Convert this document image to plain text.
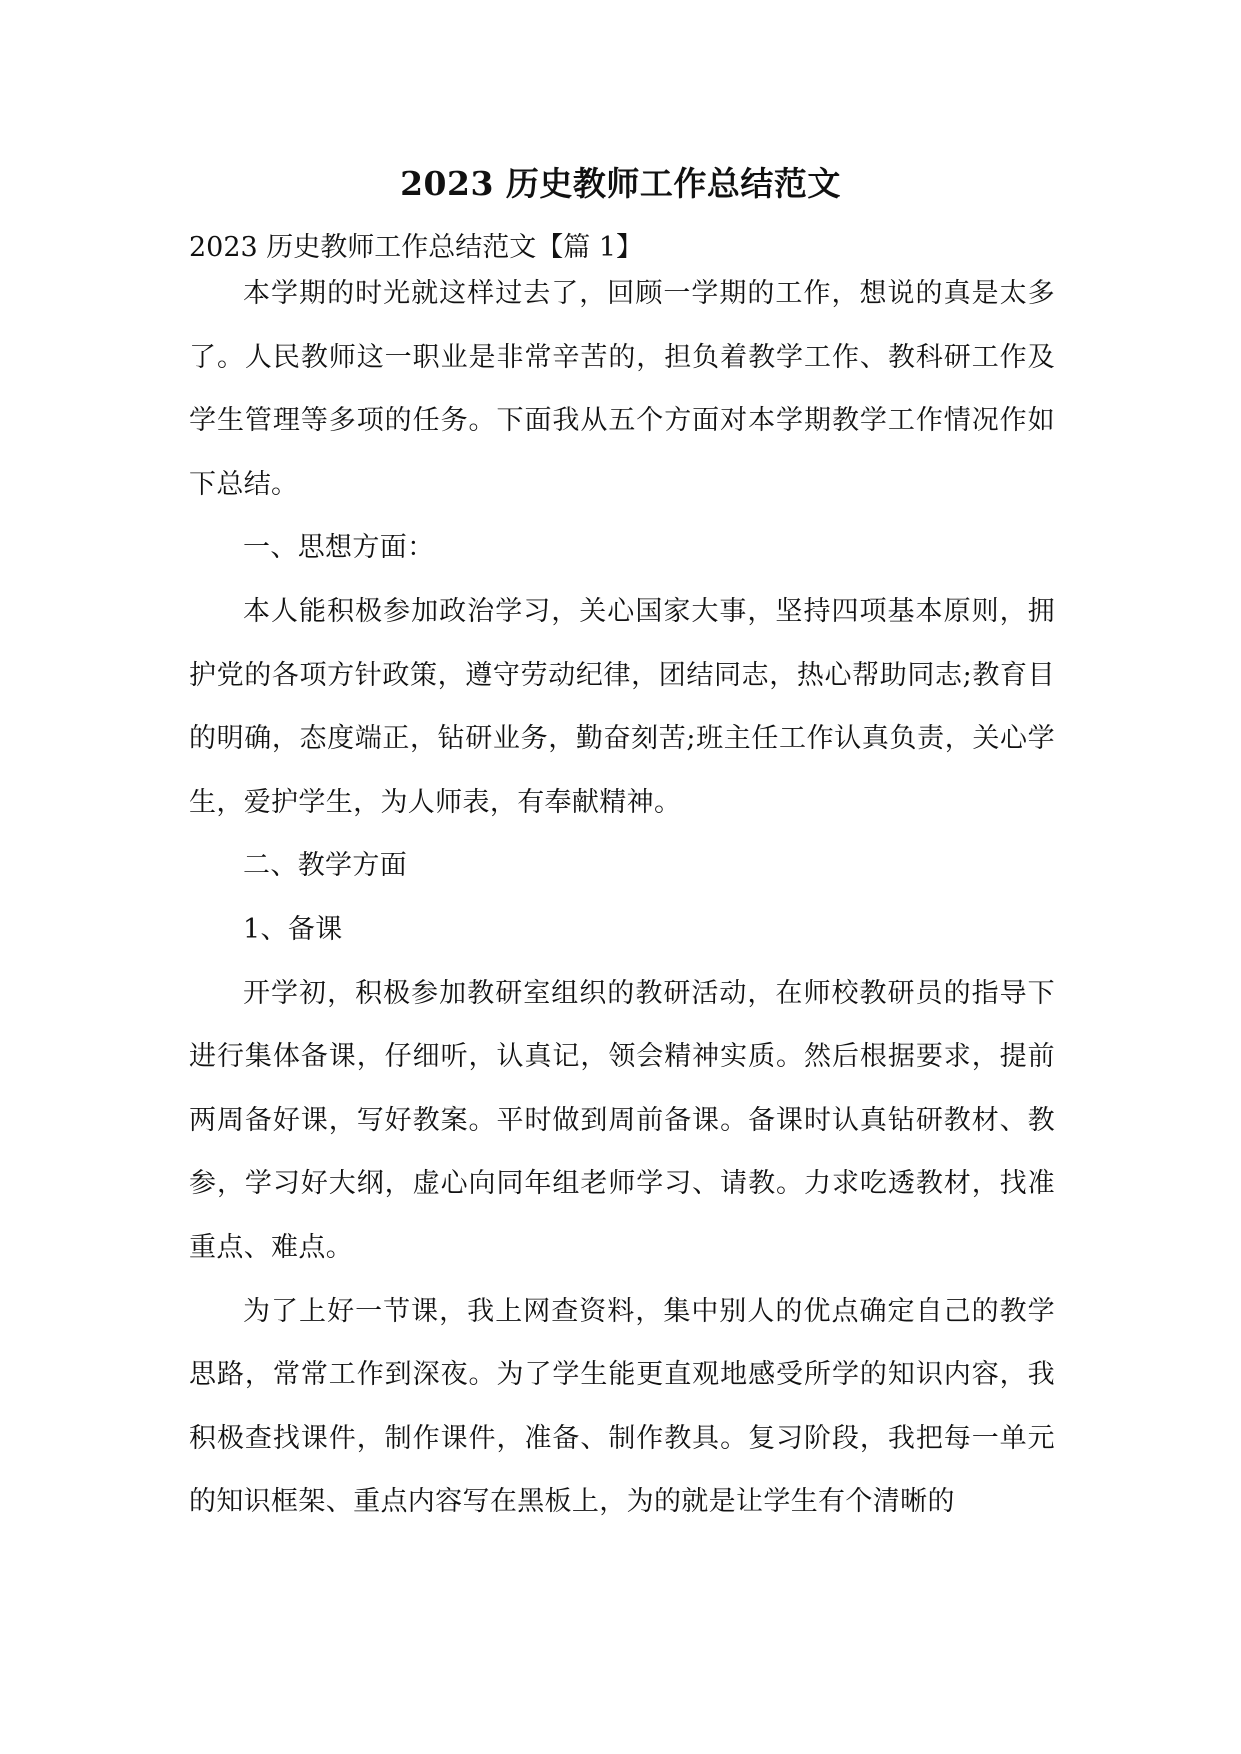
2023 历史教师工作总结范文
2023 历史教师工作总结范文【篇 1】

本学期的时光就这样过去了，回顾一学期的工作，想说的真是太多了。人民教师这一职业是非常辛苦的，担负着教学工作、教科研工作及学生管理等多项的任务。下面我从五个方面对本学期教学工作情况作如下总结。

一、思想方面：

本人能积极参加政治学习，关心国家大事，坚持四项基本原则，拥护党的各项方针政策，遵守劳动纪律，团结同志，热心帮助同志;教育目的明确，态度端正，钻研业务，勤奋刻苦;班主任工作认真负责，关心学生，爱护学生，为人师表，有奉献精神。

二、教学方面

1、备课

开学初，积极参加教研室组织的教研活动，在师校教研员的指导下进行集体备课，仔细听，认真记，领会精神实质。然后根据要求，提前两周备好课，写好教案。平时做到周前备课。备课时认真钻研教材、教参，学习好大纲，虚心向同年组老师学习、请教。力求吃透教材，找准重点、难点。

为了上好一节课，我上网查资料，集中别人的优点确定自己的教学思路，常常工作到深夜。为了学生能更直观地感受所学的知识内容，我积极查找课件，制作课件，准备、制作教具。复习阶段，我把每一单元的知识框架、重点内容写在黑板上，为的就是让学生有个清晰的
